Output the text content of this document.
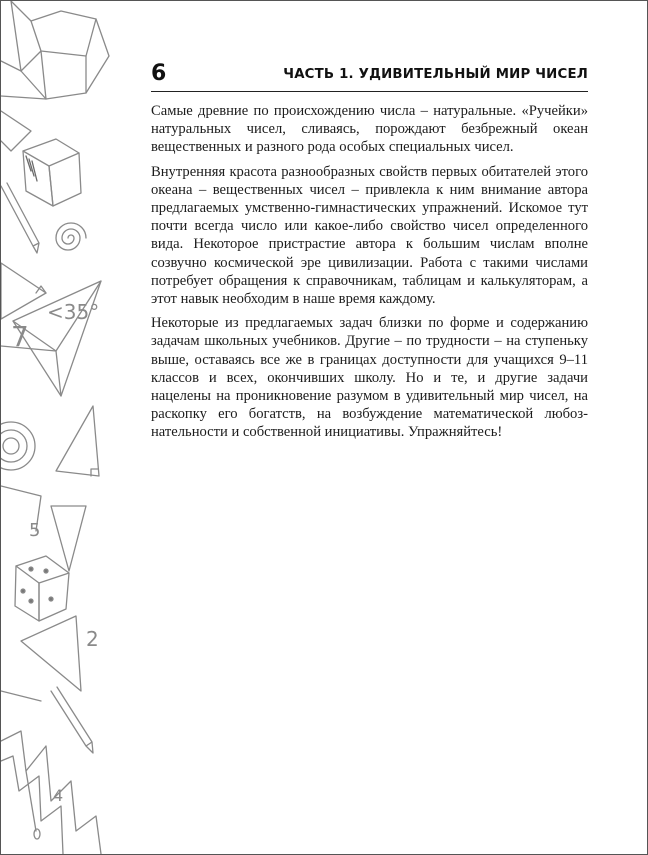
7
<35°
5
2
4
6	ЧАСТЬ 1. УДИВИТЕЛЬНЫЙ МИР ЧИСЕЛ

Самые древние по происхождению числа – натуральные. «Ручейки» натуральных чисел, сливаясь, порождают безбрежный океан вещественных и разного рода особых специальных чисел.

Внутренняя красота разнообразных свойств первых обитателей этого океана – вещественных чисел – привлекла к ним внимание автора предлагаемых умственно-гимнастических упражнений. Искомое тут почти всегда число или какое-либо свойство чисел определенного вида. Некоторое пристрастие автора к большим числам вполне созвучно космической эре цивилизации. Работа с такими числами потребует обращения к справочникам, таблицам и калькуляторам, а этот навык необходим в наше время каждому.

Некоторые из предлагаемых задач близки по форме и содержанию задачам школьных учебников. Другие – по трудности – на ступеньку выше, оставаясь все же в границах доступности для учащихся 9–11 классов и всех, окончивших школу. Но и те, и другие задачи нацелены на проникновение разумом в удивительный мир чисел, на раскопку его богатств, на возбуждение математической любознательности и собственной инициативы. Упражняйтесь!
